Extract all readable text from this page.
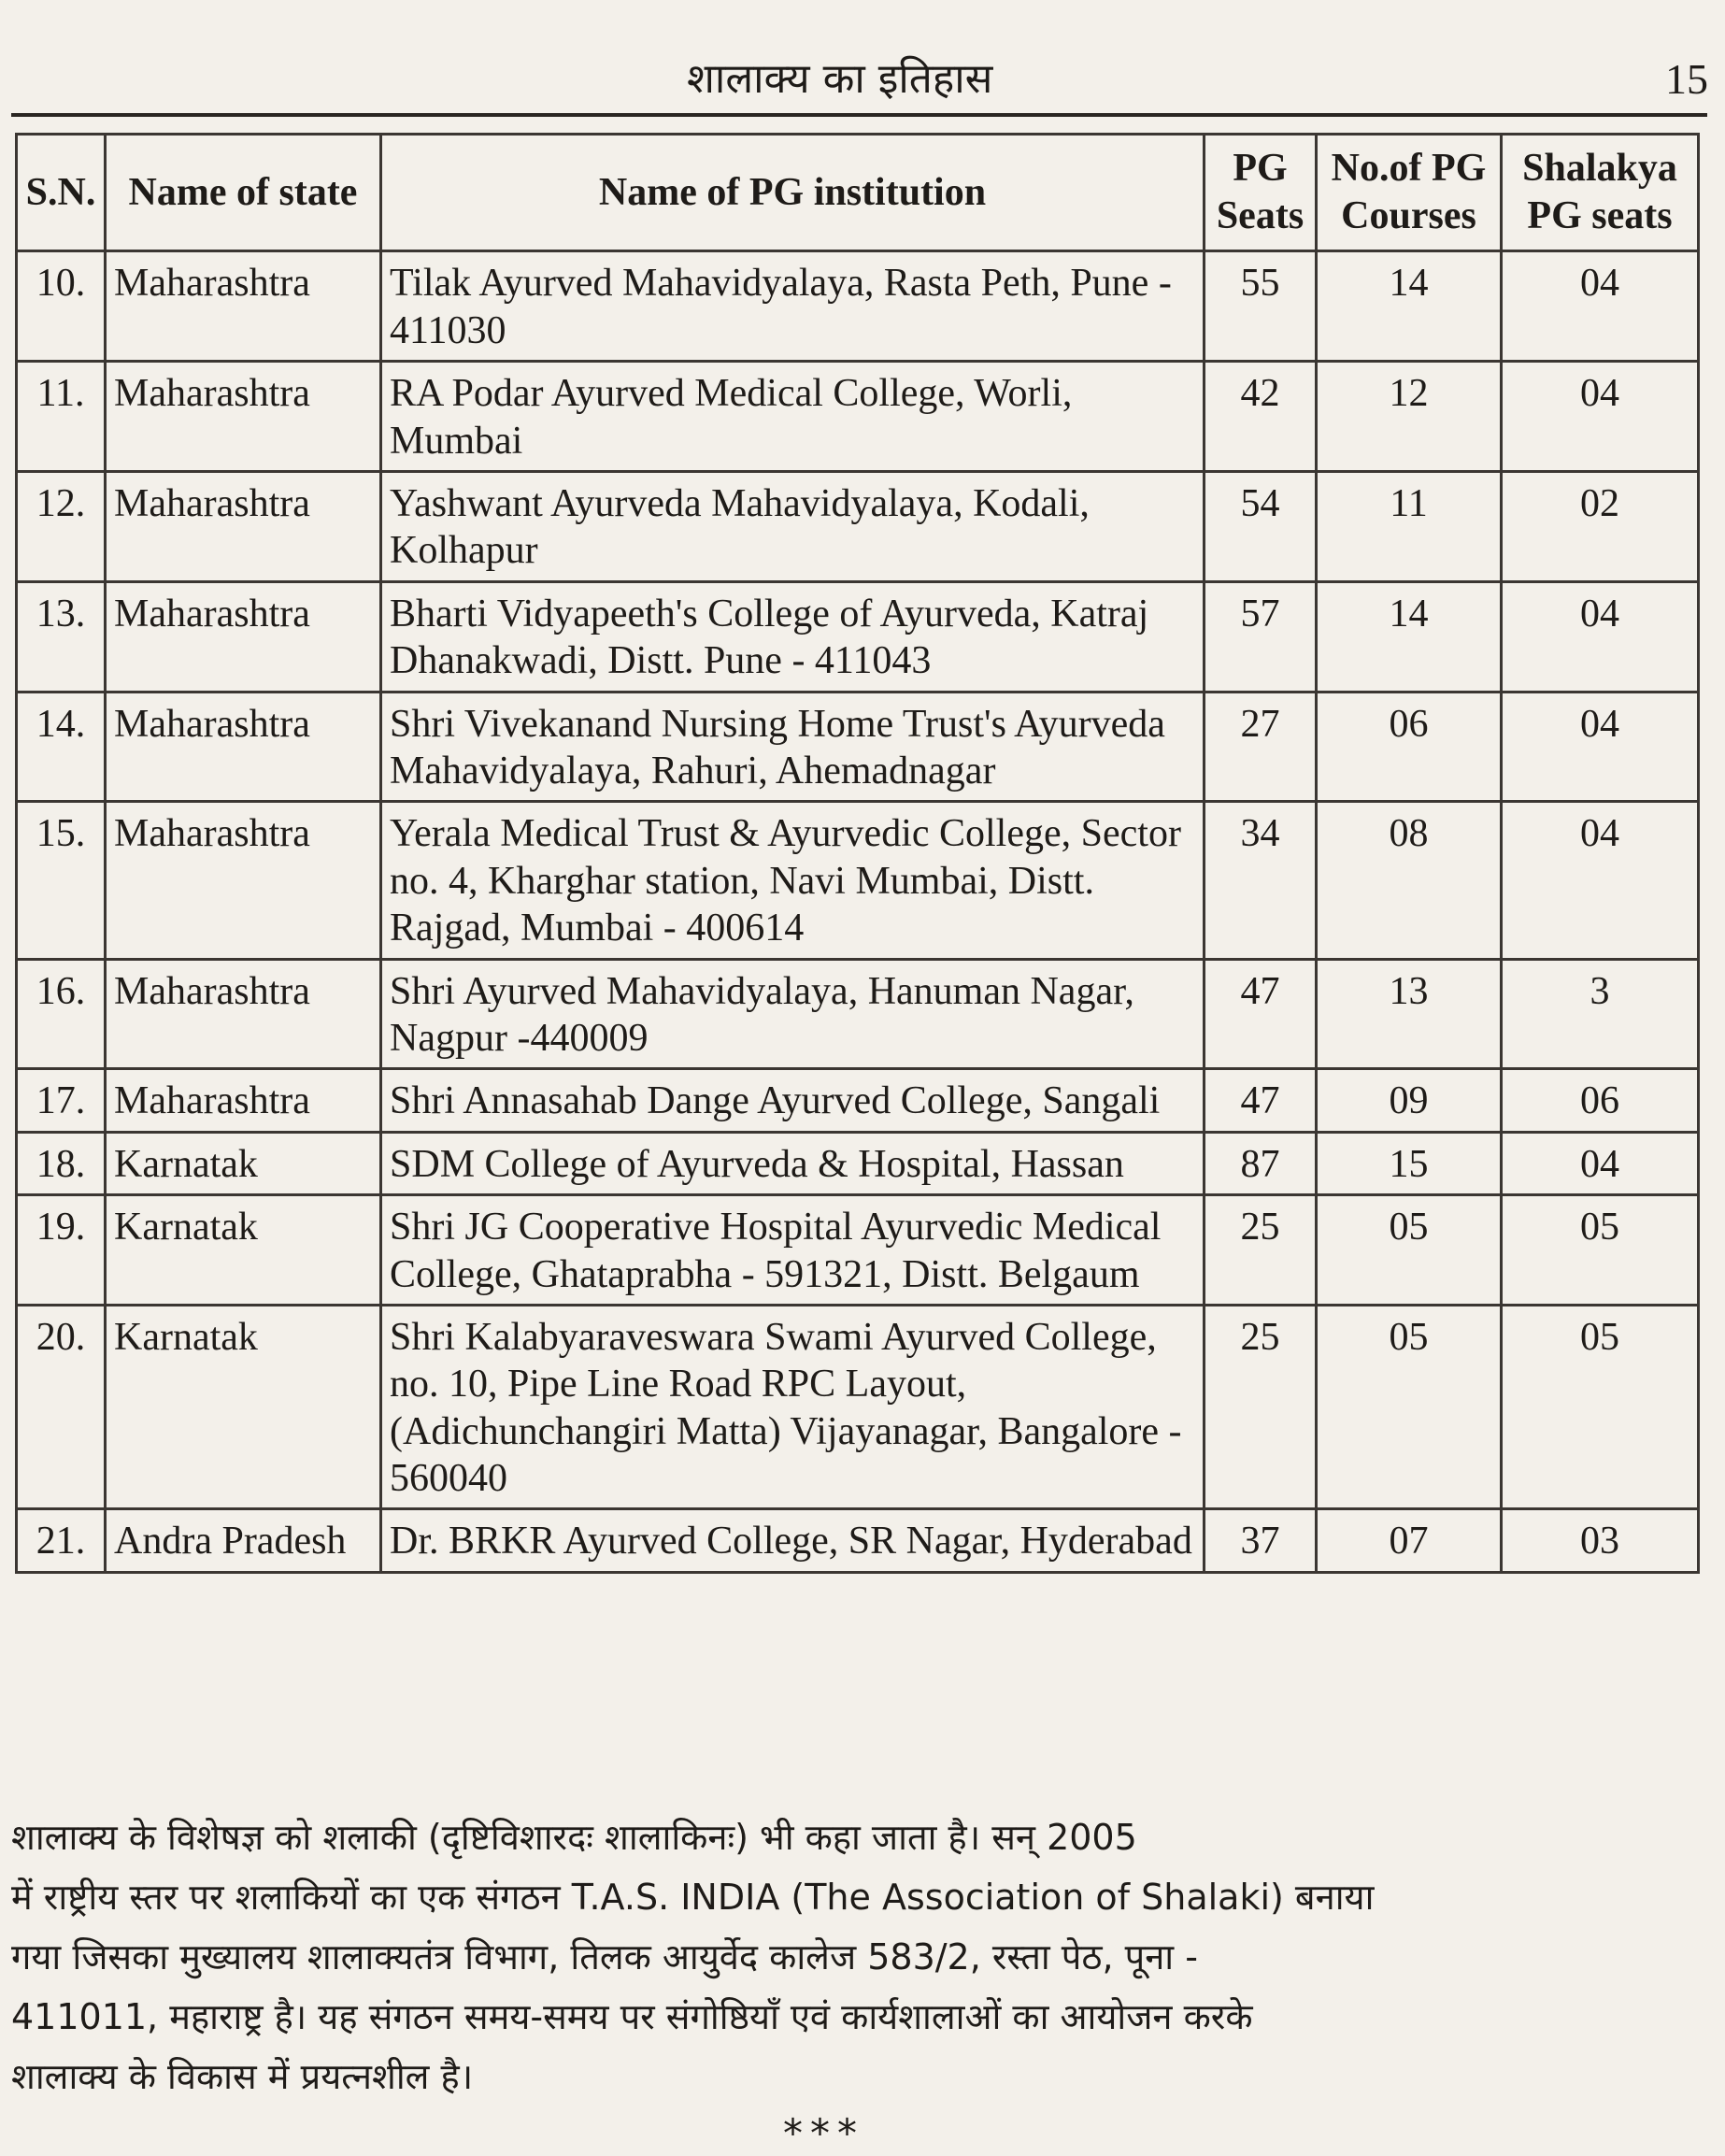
शालाक्य का इतिहास	15
S.N.	Name of state	Name of PG institution	PG Seats	No.of PG Courses	Shalakya PG seats
10.	Maharashtra	Tilak Ayurved Mahavidyalaya, Rasta Peth, Pune - 411030	55	14	04
11.	Maharashtra	RA Podar Ayurved Medical College, Worli, Mumbai	42	12	04
12.	Maharashtra	Yashwant Ayurveda Mahavidyalaya, Kodali, Kolhapur	54	11	02
13.	Maharashtra	Bharti Vidyapeeth's College of Ayurveda, Katraj Dhanakwadi, Distt. Pune - 411043	57	14	04
14.	Maharashtra	Shri Vivekanand Nursing Home Trust's Ayurveda Mahavidyalaya, Rahuri, Ahemadnagar	27	06	04
15.	Maharashtra	Yerala Medical Trust & Ayurvedic College, Sector no. 4, Kharghar station, Navi Mumbai, Distt. Rajgad, Mumbai - 400614	34	08	04
16.	Maharashtra	Shri Ayurved Mahavidyalaya, Hanuman Nagar, Nagpur -440009	47	13	3
17.	Maharashtra	Shri Annasahab Dange Ayurved College, Sangali	47	09	06
18.	Karnatak	SDM College of Ayurveda & Hospital, Hassan	87	15	04
19.	Karnatak	Shri JG Cooperative Hospital Ayurvedic Medical College, Ghataprabha - 591321, Distt. Belgaum	25	05	05
20.	Karnatak	Shri Kalabyaraveswara Swami Ayurved College, no. 10, Pipe Line Road RPC Layout, (Adichunchangiri Matta) Vijayanagar, Bangalore - 560040	25	05	05
21.	Andra Pradesh	Dr. BRKR Ayurved College, SR Nagar, Hyderabad	37	07	03
शालाक्य के विशेषज्ञ को शलाकी (दृष्टिविशारदः शालाकिनः) भी कहा जाता है। सन् 2005
में राष्ट्रीय स्तर पर शलाकियों का एक संगठन T.A.S. INDIA (The Association of Shalaki) बनाया
गया जिसका मुख्यालय शालाक्यतंत्र विभाग, तिलक आयुर्वेद कालेज 583/2, रस्ता पेठ, पूना -
411011, महाराष्ट्र है। यह संगठन समय-समय पर संगोष्ठियाँ एवं कार्यशालाओं का आयोजन करके
शालाक्य के विकास में प्रयत्नशील है।
***
